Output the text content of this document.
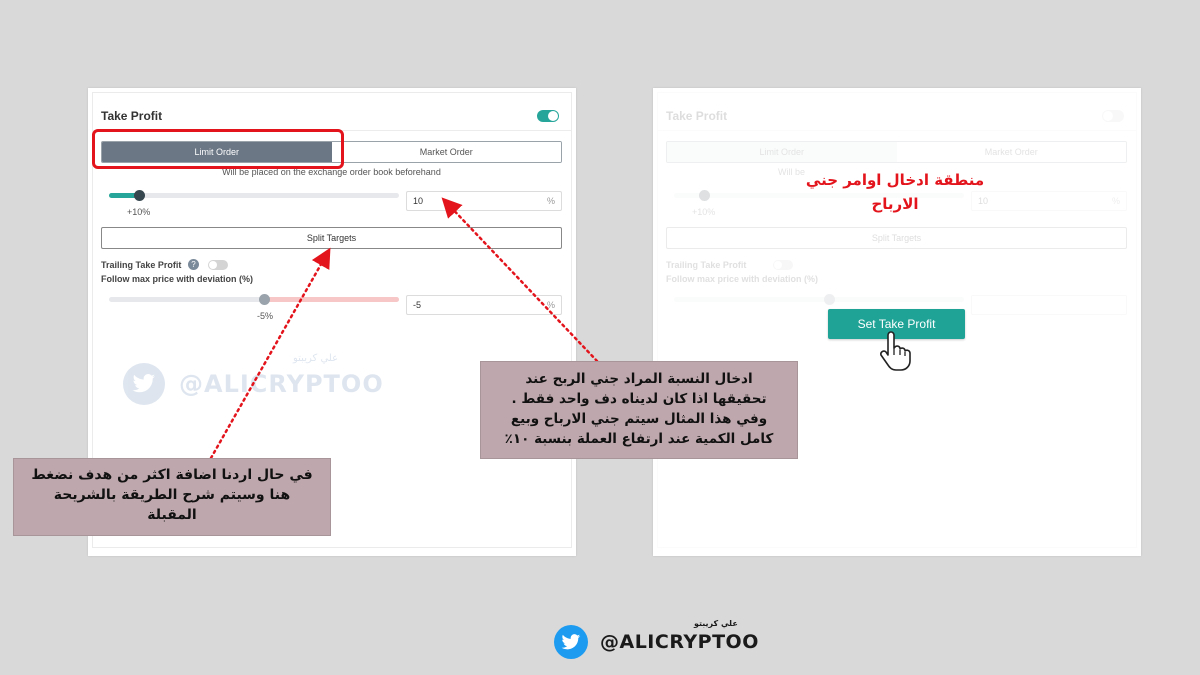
Take Profit
Limit Order	Market Order
Will be placed on the exchange order book beforehand
+10%
10	%
Split Targets
Trailing Take Profit	?
Follow max price with deviation (%)
-5%
-5	%
@ALICRYPTOO
علي كريبتو
Take Profit
Limit Order	Market Order
Will be
+10%
10	%
Split Targets
Trailing Take Profit
Follow max price with deviation (%)
منطقة ادخال اوامر جني
الارباح
Set Take Profit
في حال اردنا اضافة اكثر من هدف نضغط
هنا وسيتم شرح الطريقة بالشريحة
المقبلة
ادخال النسبة المراد جني الربح عند
تحقيقها اذا كان لديناه دف واحد فقط .
وفي هذا المثال سيتم جني الارباح وبيع
كامل الكمية عند ارتفاع العملة بنسبة ١٠٪
@ALICRYPTOO
علي كريبتو
